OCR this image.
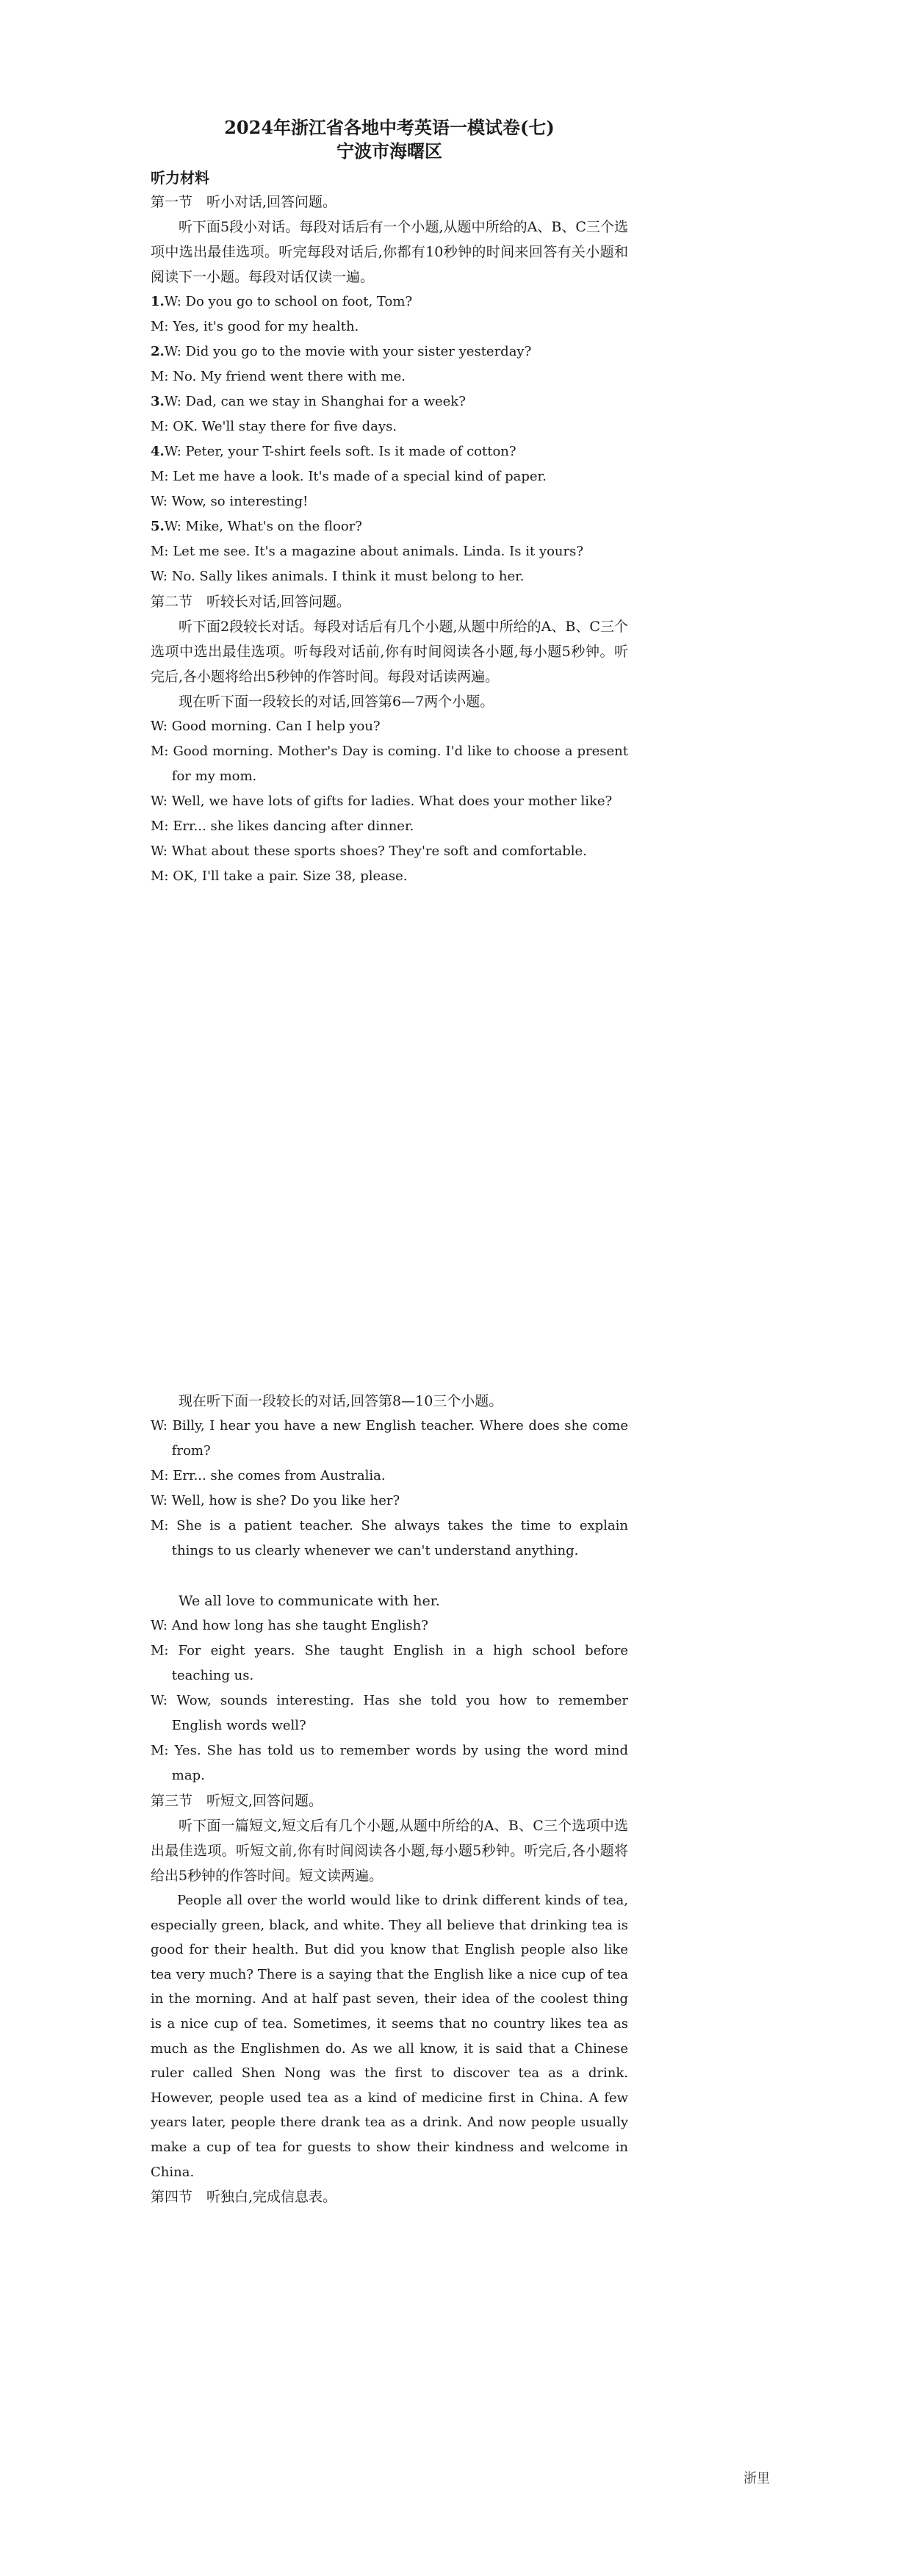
2024年浙江省各地中考英语一模试卷(七)

宁波市海曙区

听力材料

第一节　听小对话,回答问题。

听下面5段小对话。每段对话后有一个小题,从题中所给的A、B、C三个选项中选出最佳选项。听完每段对话后,你都有10秒钟的时间来回答有关小题和阅读下一小题。每段对话仅读一遍。

1.W: Do you go to school on foot, Tom?

M: Yes, it's good for my health.

2.W: Did you go to the movie with your sister yesterday?

M: No. My friend went there with me.

3.W: Dad, can we stay in Shanghai for a week?

M: OK. We'll stay there for five days.

4.W: Peter, your T-shirt feels soft. Is it made of cotton?

M: Let me have a look. It's made of a special kind of paper.

W: Wow, so interesting!

5.W: Mike, What's on the floor?

M: Let me see. It's a magazine about animals. Linda. Is it yours?

W: No. Sally likes animals. I think it must belong to her.

第二节　听较长对话,回答问题。

听下面2段较长对话。每段对话后有几个小题,从题中所给的A、B、C三个选项中选出最佳选项。听每段对话前,你有时间阅读各小题,每小题5秒钟。听完后,各小题将给出5秒钟的作答时间。每段对话读两遍。

现在听下面一段较长的对话,回答第6—7两个小题。

W: Good morning. Can I help you?

M: Good morning. Mother's Day is coming. I'd like to choose a present for my mom.

W: Well, we have lots of gifts for ladies. What does your mother like?

M: Err... she likes dancing after dinner.

W: What about these sports shoes? They're soft and comfortable.

M: OK, I'll take a pair. Size 38, please.

现在听下面一段较长的对话,回答第8—10三个小题。

W: Billy, I hear you have a new English teacher. Where does she come from?

M: Err... she comes from Australia.

W: Well, how is she? Do you like her?

M: She is a patient teacher. She always takes the time to explain things to us clearly whenever we can't understand anything.

We all love to communicate with her.

W: And how long has she taught English?

M: For eight years. She taught English in a high school before teaching us.

W: Wow, sounds interesting. Has she told you how to remember English words well?

M: Yes. She has told us to remember words by using the word mind map.

第三节　听短文,回答问题。

听下面一篇短文,短文后有几个小题,从题中所给的A、B、C三个选项中选出最佳选项。听短文前,你有时间阅读各小题,每小题5秒钟。听完后,各小题将给出5秒钟的作答时间。短文读两遍。

People all over the world would like to drink different kinds of tea, especially green, black, and white. They all believe that drinking tea is good for their health. But did you know that English people also like tea very much? There is a saying that the English like a nice cup of tea in the morning. And at half past seven, their idea of the coolest thing is a nice cup of tea. Sometimes, it seems that no country likes tea as much as the Englishmen do. As we all know, it is said that a Chinese ruler called Shen Nong was the first to discover tea as a drink. However, people used tea as a kind of medicine first in China. A few years later, people there drank tea as a drink. And now people usually make a cup of tea for guests to show their kindness and welcome in China.

第四节　听独白,完成信息表。

浙里
